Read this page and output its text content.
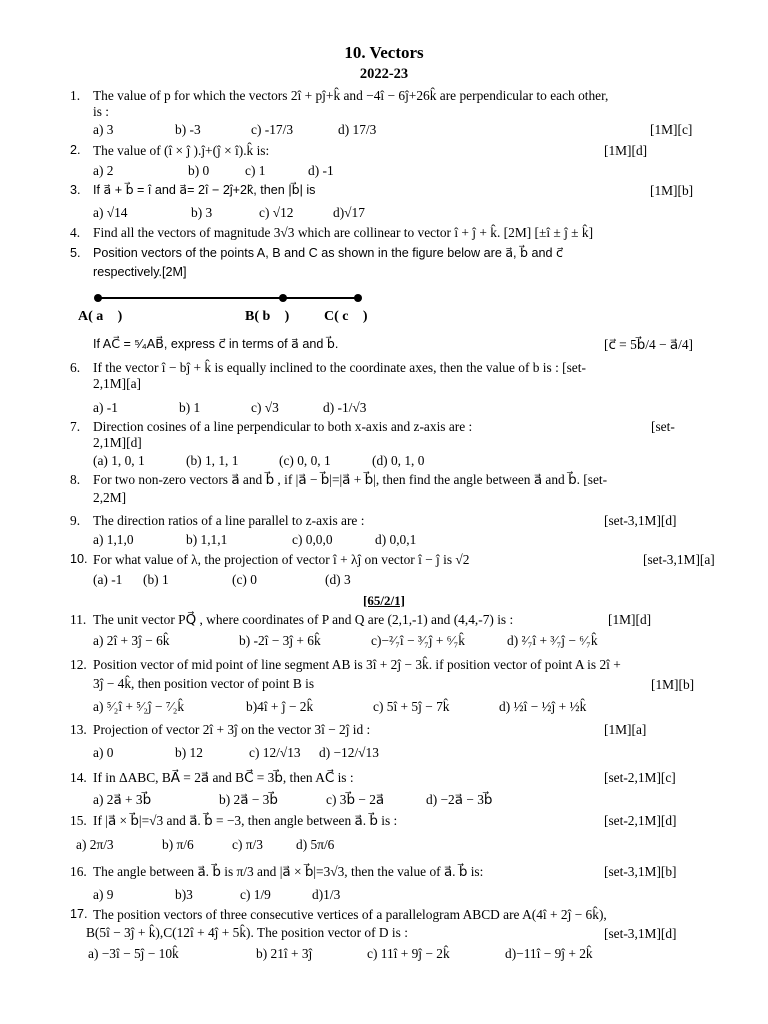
10. Vectors
2022-23
1. The value of p for which the vectors 2î + pĵ+k̂ and −4î − 6ĵ+26k̂ are perpendicular to each other,
is :
a) 3	b) -3	c) -17/3	d) 17/3	[1M][c]
2. The value of (î × ĵ ).ĵ+(ĵ × î).k̂ is:	[1M][d]
a) 2	b) 0	c) 1	d) -1
3. If a⃗ + b⃗ = î and a⃗= 2î − 2ĵ+2k̂, then |b⃗| is	[1M][b]
a) √14	b) 3	c) √12	d)√17
4. Find all the vectors of magnitude 3√3 which are collinear to vector î + ĵ + k̂. [2M] [±î ± ĵ ± k̂]
5. Position vectors of the points A, B and C as shown in the figure below are a⃗, b⃗ and c⃗
respectively.[2M]
A( a⃗ )	B( b⃗ ) C( c⃗ )
If AC⃗ = ⁵⁄₄AB⃗, express c⃗ in terms of a⃗ and b⃗.	[c⃗ = 5b⃗/4 − a⃗/4]
6. If the vector î − bĵ + k̂ is equally inclined to the coordinate axes, then the value of b is : [set-
2,1M][a]
a) -1	b) 1	c) √3	d) -1/√3
7. Direction cosines of a line perpendicular to both x-axis and z-axis are :
2,1M][d]
[set-
(a) 1, 0, 1	(b) 1, 1, 1	(c) 0, 0, 1	(d) 0, 1, 0
8. For two non-zero vectors a⃗ and b⃗ , if |a⃗ − b⃗|=|a⃗ + b⃗|, then find the angle between a⃗ and b⃗. [set-
2,2M]
9. The direction ratios of a line parallel to z-axis are :	[set-3,1M][d]
a) 1,1,0	b) 1,1,1	c) 0,0,0	d) 0,0,1
10. For what value of λ, the projection of vector î + λĵ on vector î − ĵ is √2	[set-3,1M][a]
(a) -1 (b) 1	(c) 0	(d) 3
[65/2/1]
11. The unit vector PQ⃗ , where coordinates of P and Q are (2,1,-1) and (4,4,-7) is :	[1M][d]
a) 2î + 3ĵ − 6k̂	b) -2î − 3ĵ + 6k̂	c)−²⁄₇î − ³⁄₇ĵ + ⁶⁄₇k̂	d) ²⁄₇î + ³⁄₇ĵ − ⁶⁄₇k̂
12. Position vector of mid point of line segment AB is 3î + 2ĵ − 3k̂. if position vector of point A is 2î +
3ĵ − 4k̂, then position vector of point B is	[1M][b]
a) ⁵⁄₂î + ⁵⁄₂ĵ − ⁷⁄₂k̂	b)4î + ĵ − 2k̂	c) 5î + 5ĵ − 7k̂	d) ½î − ½ĵ + ½k̂
13. Projection of vector 2î + 3ĵ on the vector 3î − 2ĵ id :	[1M][a]
a) 0	b) 12	c) 12/√13 d) −12/√13
14. If in ΔABC, BA⃗ = 2a⃗ and BC⃗ = 3b⃗, then AC⃗ is :	[set-2,1M][c]
a) 2a⃗ + 3b⃗	b) 2a⃗ − 3b⃗	c) 3b⃗ − 2a⃗	d) −2a⃗ − 3b⃗
15. If |a⃗ × b⃗|=√3 and a⃗. b⃗ = −3, then angle between a⃗. b⃗ is :	[set-2,1M][d]
a) 2π/3	b) π/6	c) π/3 d) 5π/6
16. The angle between a⃗. b⃗ is π/3 and |a⃗ × b⃗|=3√3, then the value of a⃗. b⃗ is:	[set-3,1M][b]
a) 9	b)3	c) 1/9	d)1/3
17. The position vectors of three consecutive vertices of a parallelogram ABCD are A(4î + 2ĵ − 6k̂),
B(5î − 3ĵ + k̂),C(12î + 4ĵ + 5k̂). The position vector of D is :	[set-3,1M][d]
a) −3î − 5ĵ − 10k̂	b) 21î + 3ĵ	c) 11î + 9ĵ − 2k̂	d)−11î − 9ĵ + 2k̂
